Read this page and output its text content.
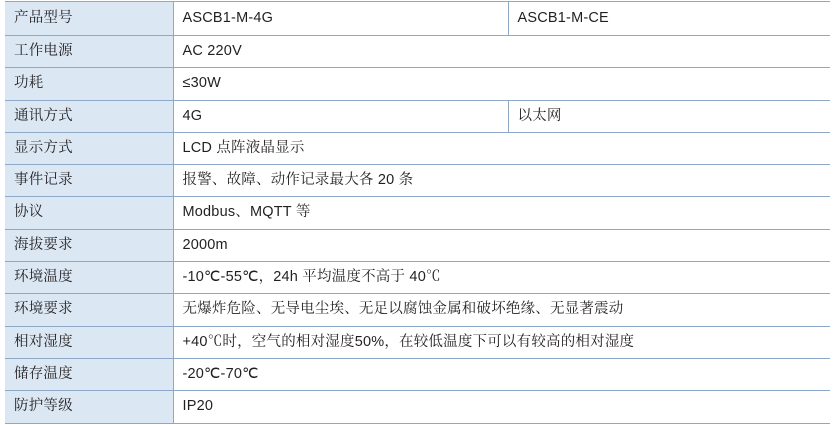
产品型号	ASCB1-M-4G	ASCB1-M-CE
工作电源	AC 220V	
功耗	≤30W	
通讯方式	4G	以太网
显示方式	LCD 点阵液晶显示	
事件记录	报警、故障、动作记录最大各 20 条	
协议	Modbus、MQTT 等	
海拔要求	2000m	
环境温度	-10℃-55℃，24h 平均温度不高于 40℃	
环境要求	无爆炸危险、无导电尘埃、无足以腐蚀金属和破坏绝缘、无显著震动	
相对湿度	+40℃时，空气的相对湿度50%，在较低温度下可以有较高的相对湿度	
储存温度	-20℃-70℃	
防护等级	IP20	
